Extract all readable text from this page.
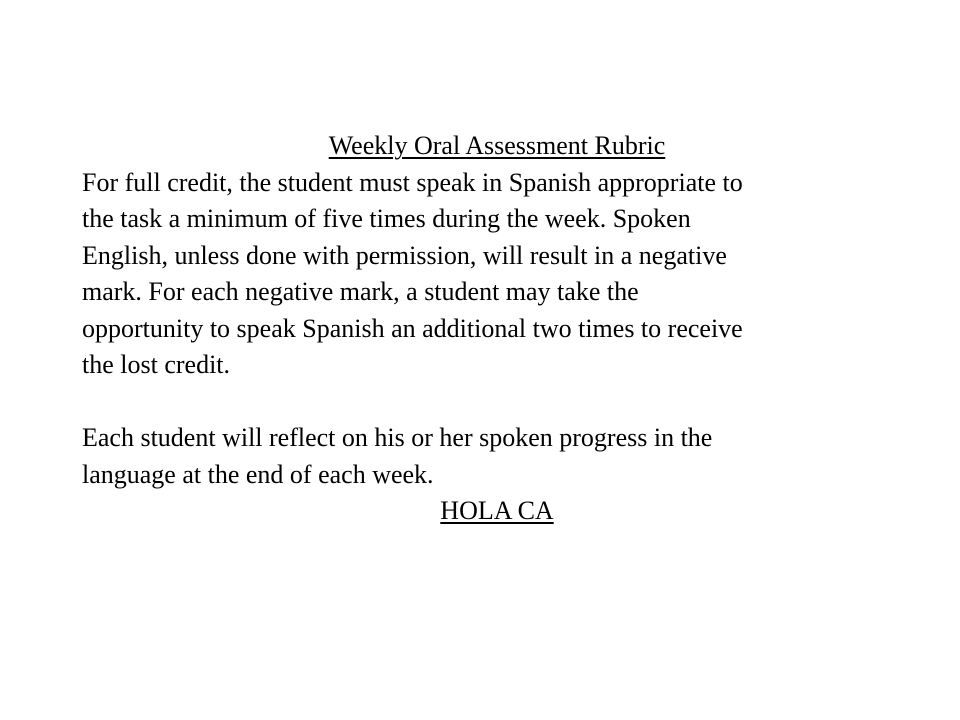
Weekly Oral Assessment Rubric
For full credit, the student must speak in Spanish appropriate to
the task a minimum of five times during the week. Spoken
English, unless done with permission, will result in a negative
mark. For each negative mark, a student may take the
opportunity to speak Spanish an additional two times to receive
the lost credit.
Each student will reflect on his or her spoken progress in the
language at the end of each week.
HOLA CA
